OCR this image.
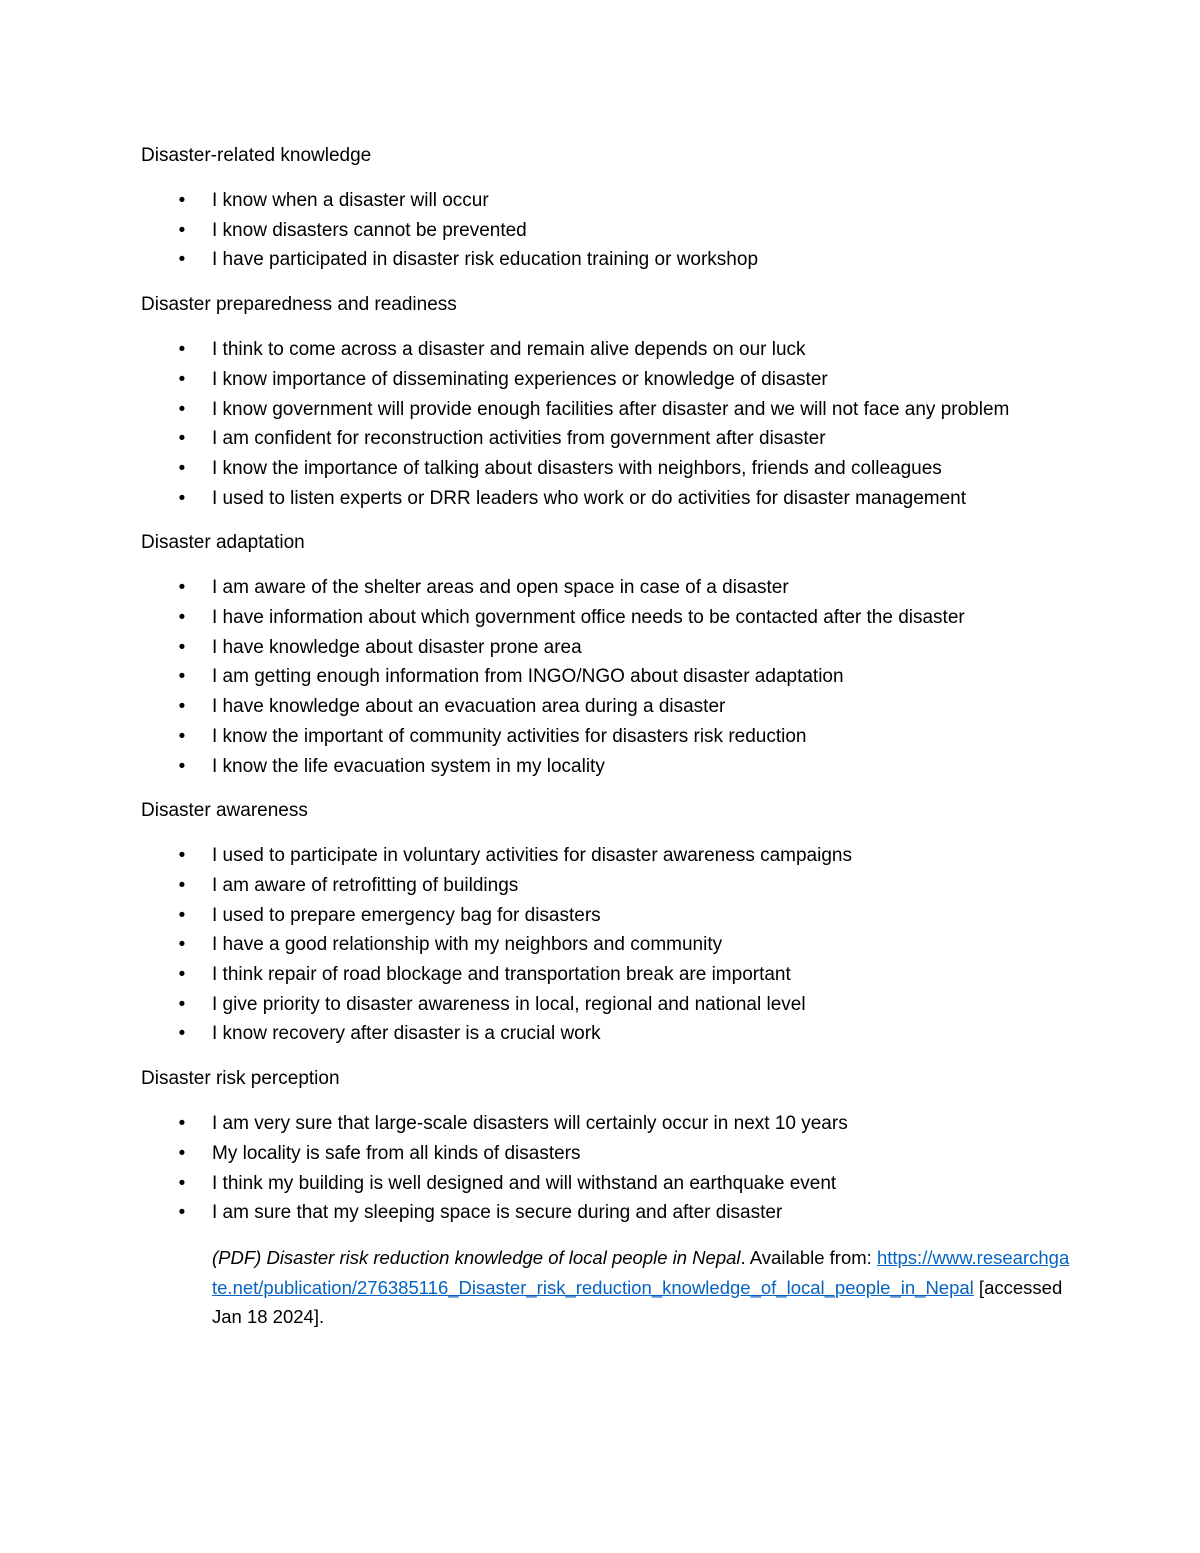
Disaster-related knowledge

• I know when a disaster will occur
• I know disasters cannot be prevented
• I have participated in disaster risk education training or workshop

Disaster preparedness and readiness

• I think to come across a disaster and remain alive depends on our luck
• I know importance of disseminating experiences or knowledge of disaster
• I know government will provide enough facilities after disaster and we will not face any problem
• I am confident for reconstruction activities from government after disaster
• I know the importance of talking about disasters with neighbors, friends and colleagues
• I used to listen experts or DRR leaders who work or do activities for disaster management

Disaster adaptation

• I am aware of the shelter areas and open space in case of a disaster
• I have information about which government office needs to be contacted after the disaster
• I have knowledge about disaster prone area
• I am getting enough information from INGO/NGO about disaster adaptation
• I have knowledge about an evacuation area during a disaster
• I know the important of community activities for disasters risk reduction
• I know the life evacuation system in my locality

Disaster awareness

• I used to participate in voluntary activities for disaster awareness campaigns
• I am aware of retrofitting of buildings
• I used to prepare emergency bag for disasters
• I have a good relationship with my neighbors and community
• I think repair of road blockage and transportation break are important
• I give priority to disaster awareness in local, regional and national level
• I know recovery after disaster is a crucial work

Disaster risk perception

• I am very sure that large-scale disasters will certainly occur in next 10 years
• My locality is safe from all kinds of disasters
• I think my building is well designed and will withstand an earthquake event
• I am sure that my sleeping space is secure during and after disaster

(PDF) Disaster risk reduction knowledge of local people in Nepal. Available from: https://www.researchgate.net/publication/276385116_Disaster_risk_reduction_knowledge_of_local_people_in_Nepal [accessed Jan 18 2024].
